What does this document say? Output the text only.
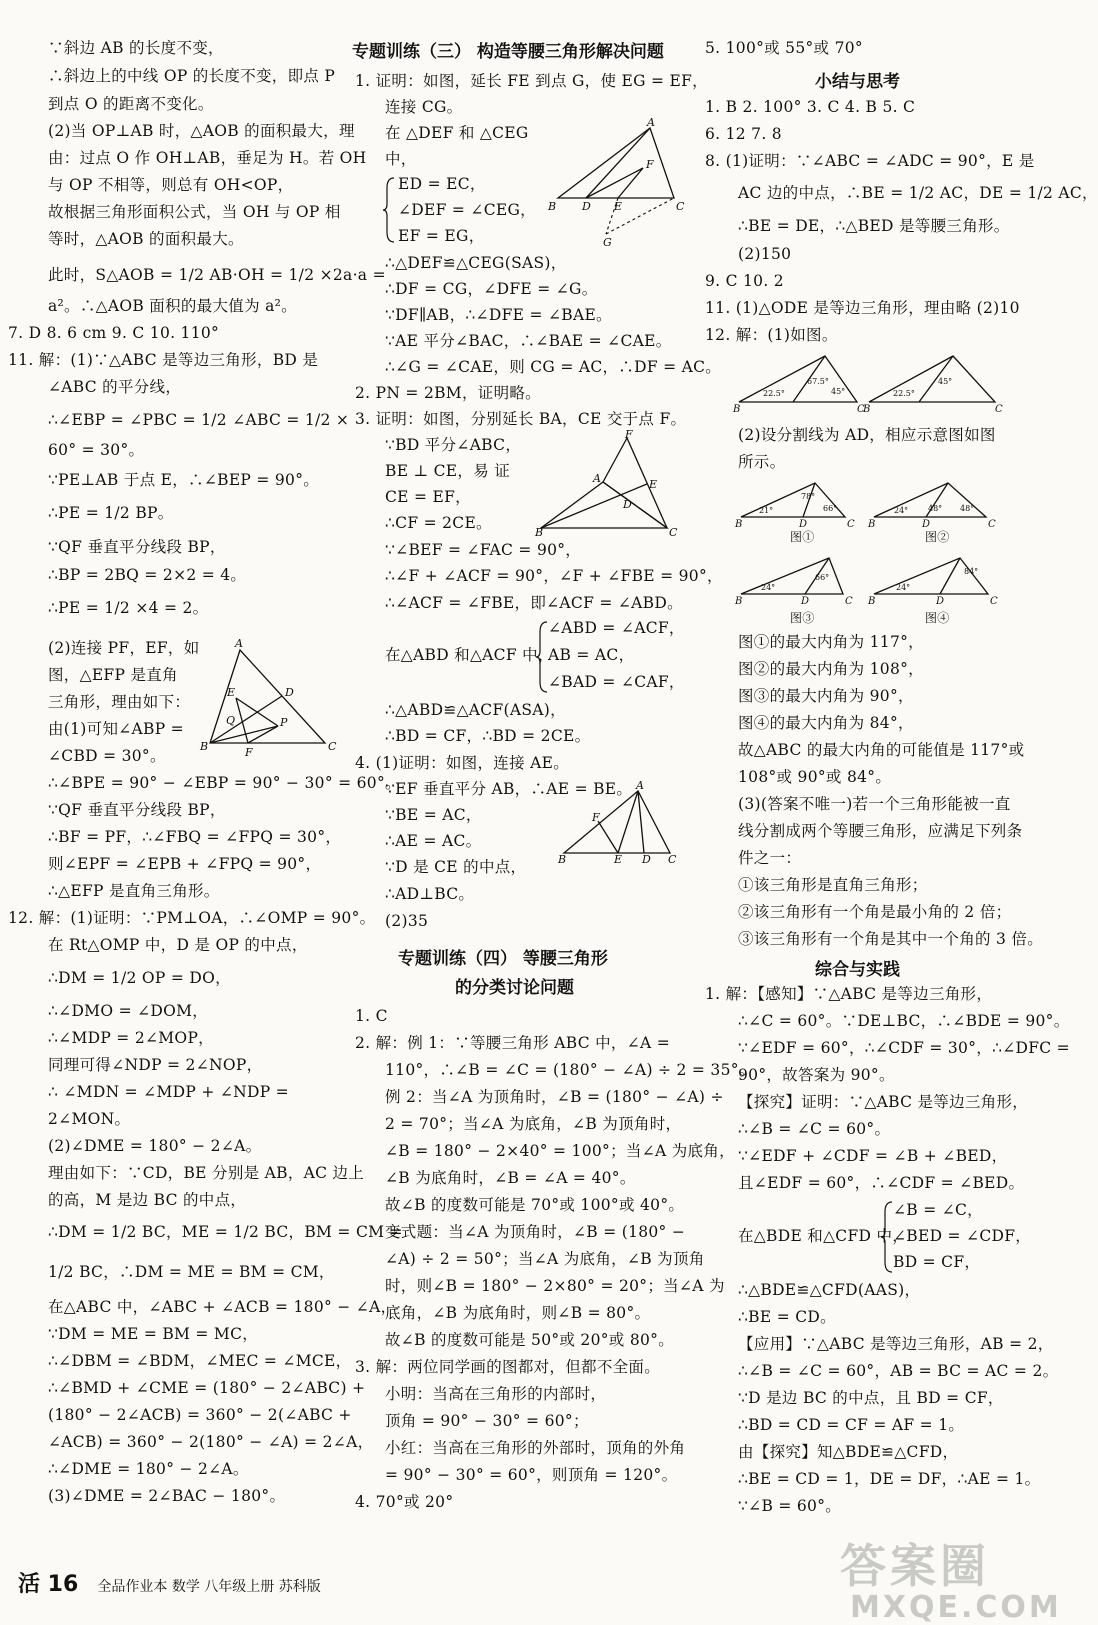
∵斜边 AB 的长度不变，
∴斜边上的中线 OP 的长度不变，即点 P
到点 O 的距离不变化。
(2)当 OP⊥AB 时，△AOB 的面积最大，理
由：过点 O 作 OH⊥AB，垂足为 H。若 OH
与 OP 不相等，则总有 OH<OP，
故根据三角形面积公式，当 OH 与 OP 相
等时，△AOB 的面积最大。
此时，S△AOB = 1/2 AB·OH = 1/2 ×2a·a =
a²。∴△AOB 面积的最大值为 a²。
7. D 8. 6 cm 9. C 10. 110°
11. 解：(1)∵△ABC 是等边三角形，BD 是
∠ABC 的平分线，
∴∠EBP = ∠PBC = 1/2 ∠ABC = 1/2 ×
60° = 30°。
∵PE⊥AB 于点 E，∴∠BEP = 90°。
∴PE = 1/2 BP。
∵QF 垂直平分线段 BP，
∴BP = 2BQ = 2×2 = 4。
∴PE = 1/2 ×4 = 2。
(2)连接 PF，EF，如
图，△EFP 是直角
三角形，理由如下：
由(1)可知∠ABP =
∠CBD = 30°。
∴∠BPE = 90° − ∠EBP = 90° − 30° = 60°。
∵QF 垂直平分线段 BP，
∴BF = PF，∴∠FBQ = ∠FPQ = 30°，
则∠EPF = ∠EPB + ∠FPQ = 90°，
∴△EFP 是直角三角形。
12. 解：(1)证明：∵PM⊥OA，∴∠OMP = 90°。
在 Rt△OMP 中，D 是 OP 的中点，
∴DM = 1/2 OP = DO，
∴∠DMO = ∠DOM，
∴∠MDP = 2∠MOP，
同理可得∠NDP = 2∠NOP，
∴ ∠MDN = ∠MDP + ∠NDP =
2∠MON。
(2)∠DME = 180° − 2∠A。
理由如下：∵CD，BE 分别是 AB，AC 边上
的高，M 是边 BC 的中点，
∴DM = 1/2 BC，ME = 1/2 BC，BM = CM =
1/2 BC，∴DM = ME = BM = CM，
在△ABC 中，∠ABC + ∠ACB = 180° − ∠A，
∵DM = ME = BM = MC，
∴∠DBM = ∠BDM，∠MEC = ∠MCE，
∴∠BMD + ∠CME = (180° − 2∠ABC) +
(180° − 2∠ACB) = 360° − 2(∠ABC +
∠ACB) = 360° − 2(180° − ∠A) = 2∠A，
∴∠DME = 180° − 2∠A。
(3)∠DME = 2∠BAC − 180°。
A
B	C
D
E
P
Q
F
专题训练（三） 构造等腰三角形解决问题
1. 证明：如图，延长 FE 到点 G，使 EG = EF，
连接 CG。
在 △DEF 和 △CEG
中，
ED = EC，
∠DEF = ∠CEG，
EF = EG，
∴△DEF≌△CEG(SAS)，
∴DF = CG，∠DFE = ∠G。
∵DF∥AB，∴∠DFE = ∠BAE。
∵AE 平分∠BAC，∴∠BAE = ∠CAE。
∴∠G = ∠CAE，则 CG = AC，∴DF = AC。
2. PN = 2BM，证明略。
3. 证明：如图，分别延长 BA，CE 交于点 F。
∵BD 平分∠ABC，
BE ⊥ CE，易 证
CE = EF，
∴CF = 2CE。
∵∠BEF = ∠FAC = 90°，
∴∠F + ∠ACF = 90°，∠F + ∠FBE = 90°，
∴∠ACF = ∠FBE，即∠ACF = ∠ABD。
∠ABD = ∠ACF，
在△ABD 和△ACF 中，
AB = AC，
∠BAD = ∠CAF，
∴△ABD≌△ACF(ASA)，
∴BD = CF，∴BD = 2CE。
4. (1)证明：如图，连接 AE。
∵EF 垂直平分 AB，∴AE = BE。
∵BE = AC，
∴AE = AC。
∵D 是 CE 的中点，
∴AD⊥BC。
(2)35
A
B D E	C
F
G
A
B	C
D
E
F
A
B	E D C
F
专题训练（四） 等腰三角形
的分类讨论问题
1. C
2. 解：例 1：∵等腰三角形 ABC 中，∠A =
110°，∴∠B = ∠C = (180° − ∠A) ÷ 2 = 35°。
例 2：当∠A 为顶角时，∠B = (180° − ∠A) ÷
2 = 70°；当∠A 为底角，∠B 为顶角时，
∠B = 180° − 2×40° = 100°；当∠A 为底角，
∠B 为底角时，∠B = ∠A = 40°。
故∠B 的度数可能是 70°或 100°或 40°。
变式题：当∠A 为顶角时，∠B = (180° −
∠A) ÷ 2 = 50°；当∠A 为底角，∠B 为顶角
时，则∠B = 180° − 2×80° = 20°；当∠A 为
底角，∠B 为底角时，则∠B = 80°。
故∠B 的度数可能是 50°或 20°或 80°。
3. 解：两位同学画的图都对，但都不全面。
小明：当高在三角形的内部时，
顶角 = 90° − 30° = 60°；
小红：当高在三角形的外部时，顶角的外角
= 90° − 30° = 60°，则顶角 = 120°。
4. 70°或 20°
5. 100°或 55°或 70°
小结与思考
1. B 2. 100° 3. C 4. B 5. C
6. 12 7. 8
8. (1)证明：∵∠ABC = ∠ADC = 90°，E 是
AC 边的中点，∴BE = 1/2 AC，DE = 1/2 AC，
∴BE = DE，∴△BED 是等腰三角形。
(2)150
9. C 10. 2
11. (1)△ODE 是等边三角形，理由略 (2)10
12. 解：(1)如图。
22.5°
67.5°
45°	22.5°
45°
B	C
B	C
(2)设分割线为 AD，相应示意图如图
所示。
21°
78°
66°
B	C
D
24° 48° 48°
B	C
D
图①	图②
24°
66°
B	C
D
24°
84°
B	C
D
图③	图④
图①的最大内角为 117°，
图②的最大内角为 108°，
图③的最大内角为 90°，
图④的最大内角为 84°，
故△ABC 的最大内角的可能值是 117°或
108°或 90°或 84°。
(3)(答案不唯一)若一个三角形能被一直
线分割成两个等腰三角形，应满足下列条
件之一：
①该三角形是直角三角形；
②该三角形有一个角是最小角的 2 倍；
③该三角形有一个角是其中一个角的 3 倍。
综合与实践
1. 解：【感知】∵△ABC 是等边三角形，
∴∠C = 60°。∵DE⊥BC，∴∠BDE = 90°。
∵∠EDF = 60°，∴∠CDF = 30°，∴∠DFC =
90°，故答案为 90°。
【探究】证明：∵△ABC 是等边三角形，
∴∠B = ∠C = 60°。
∵∠EDF + ∠CDF = ∠B + ∠BED，
且∠EDF = 60°，∴∠CDF = ∠BED。
∠B = ∠C，
在△BDE 和△CFD 中，
∠BED = ∠CDF，
BD = CF，
∴△BDE≌△CFD(AAS)，
∴BE = CD。
【应用】∵△ABC 是等边三角形，AB = 2，
∴∠B = ∠C = 60°，AB = BC = AC = 2。
∵D 是边 BC 的中点，且 BD = CF，
∴BD = CD = CF = AF = 1。
由【探究】知△BDE≌△CFD，
∴BE = CD = 1，DE = DF，∴AE = 1。
∵∠B = 60°。
活 16 全品作业本 数学 八年级上册 苏科版	答案圈
MXQE.COM
